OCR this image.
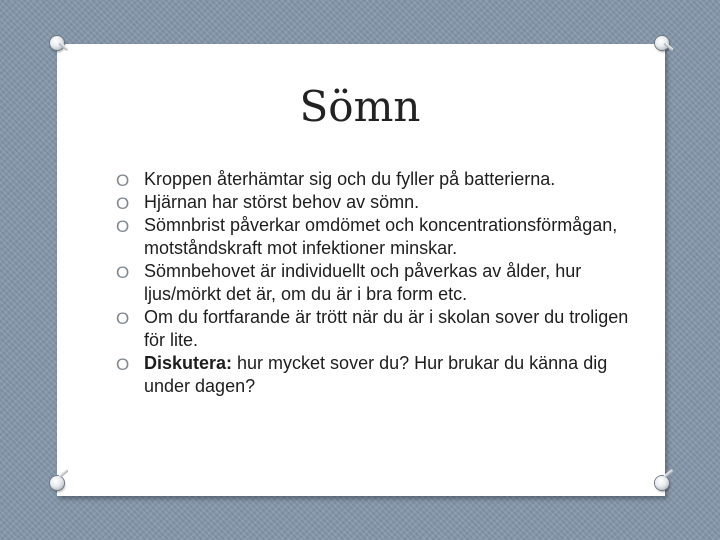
Sömn
O Kroppen återhämtar sig och du fyller på batterierna.
O Hjärnan har störst behov av sömn.
O Sömnbrist påverkar omdömet och koncentrationsförmågan, motståndskraft mot infektioner minskar.
O Sömnbehovet är individuellt och påverkas av ålder, hur ljus/mörkt det är, om du är i bra form etc.
O Om du fortfarande är trött när du är i skolan sover du troligen för lite.
O Diskutera: hur mycket sover du? Hur brukar du känna dig under dagen?
